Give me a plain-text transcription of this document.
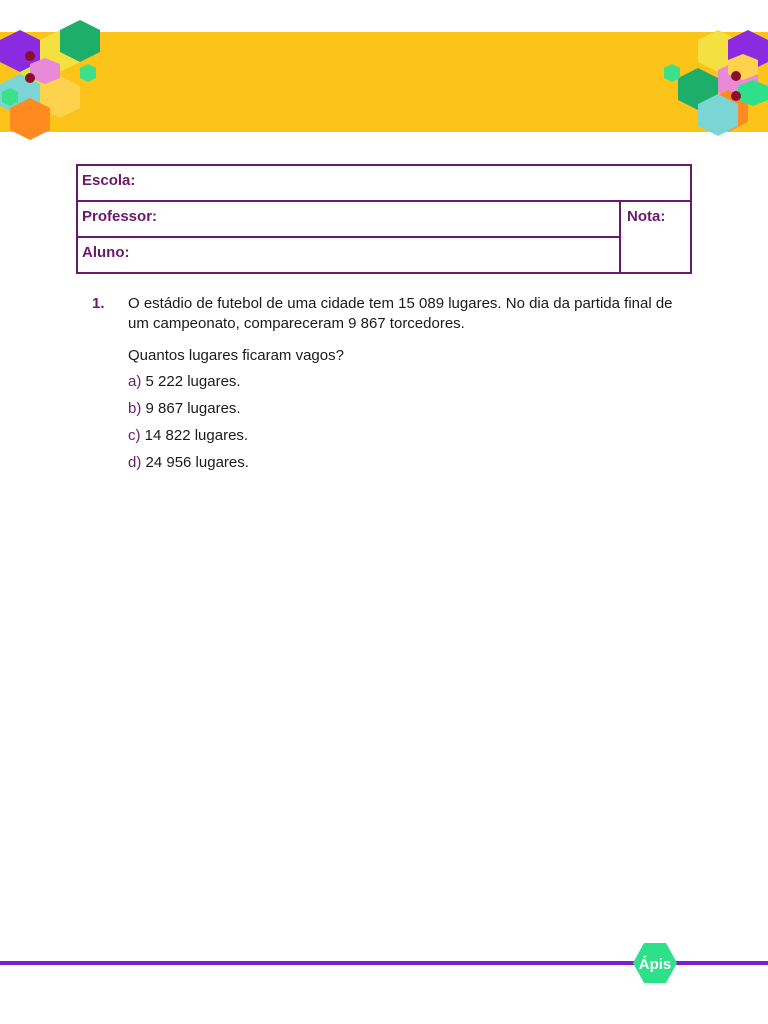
Escola:
Professor:
Aluno:
Nota:
1. O estádio de futebol de uma cidade tem 15 089 lugares. No dia da partida final de um campeonato, compareceram 9 867 torcedores.
Quantos lugares ficaram vagos?
a) 5 222 lugares.
b) 9 867 lugares.
c) 14 822 lugares.
d) 24 956 lugares.
Ápis
